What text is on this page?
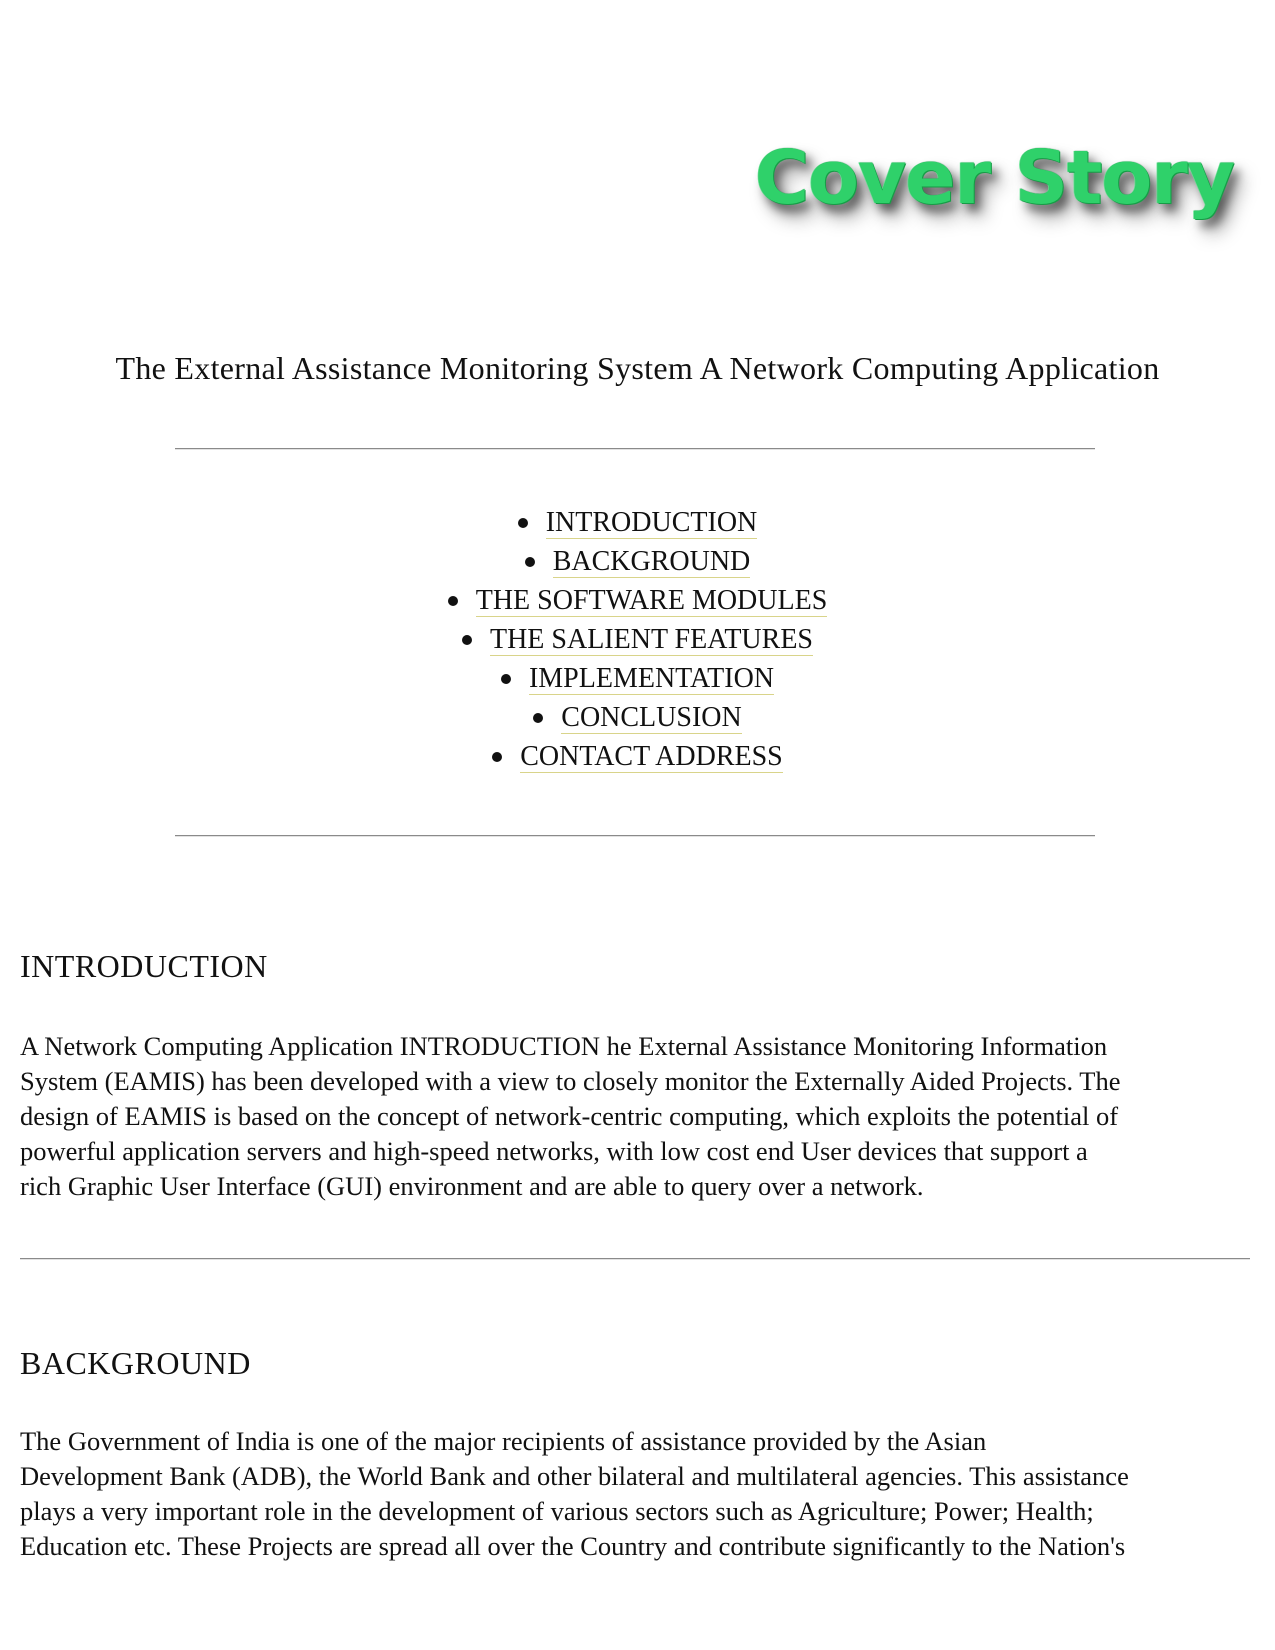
Cover Story
The External Assistance Monitoring System A Network Computing Application
INTRODUCTION
BACKGROUND
THE SOFTWARE MODULES
THE SALIENT FEATURES
IMPLEMENTATION
CONCLUSION
CONTACT ADDRESS
INTRODUCTION

A Network Computing Application INTRODUCTION he External Assistance Monitoring Information
System (EAMIS) has been developed with a view to closely monitor the Externally Aided Projects. The
design of EAMIS is based on the concept of network-centric computing, which exploits the potential of
powerful application servers and high-speed networks, with low cost end User devices that support a
rich Graphic User Interface (GUI) environment and are able to query over a network.

BACKGROUND

The Government of India is one of the major recipients of assistance provided by the Asian
Development Bank (ADB), the World Bank and other bilateral and multilateral agencies. This assistance
plays a very important role in the development of various sectors such as Agriculture; Power; Health;
Education etc. These Projects are spread all over the Country and contribute significantly to the Nation's
